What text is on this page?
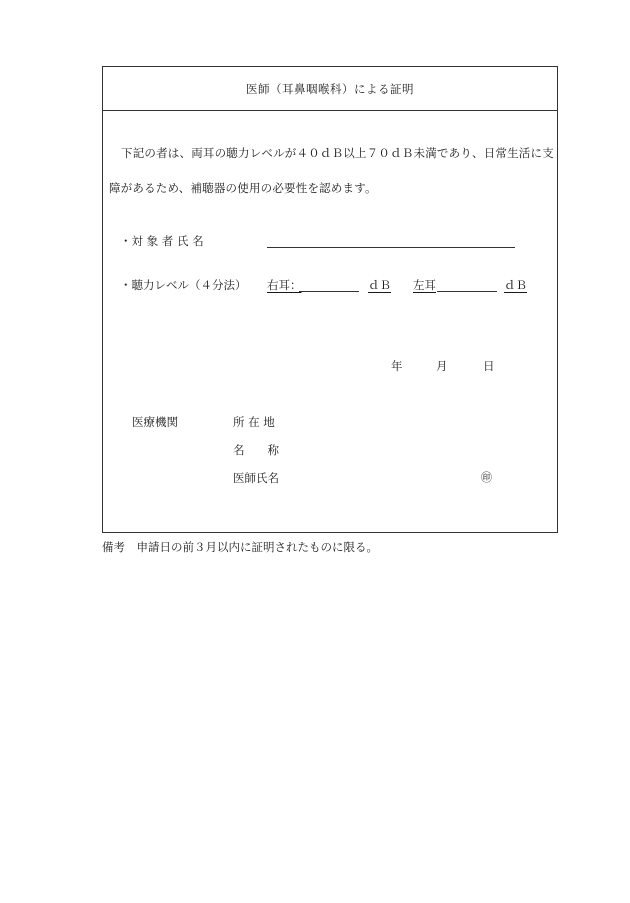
医師（耳鼻咽喉科）による証明
下記の者は、両耳の聴力レベルが４０ｄＢ以上７０ｄＢ未満であり、日常生活に支障があるため、補聴器の使用の必要性を認めます。
・対 象 者 氏 名
・聴力レベル（４分法） 右耳：	ｄＢ 左耳	ｄＢ
年	月	日
医療機関	所 在 地
名　　称
医師氏名	㊞
備考　申請日の前３月以内に証明されたものに限る。
